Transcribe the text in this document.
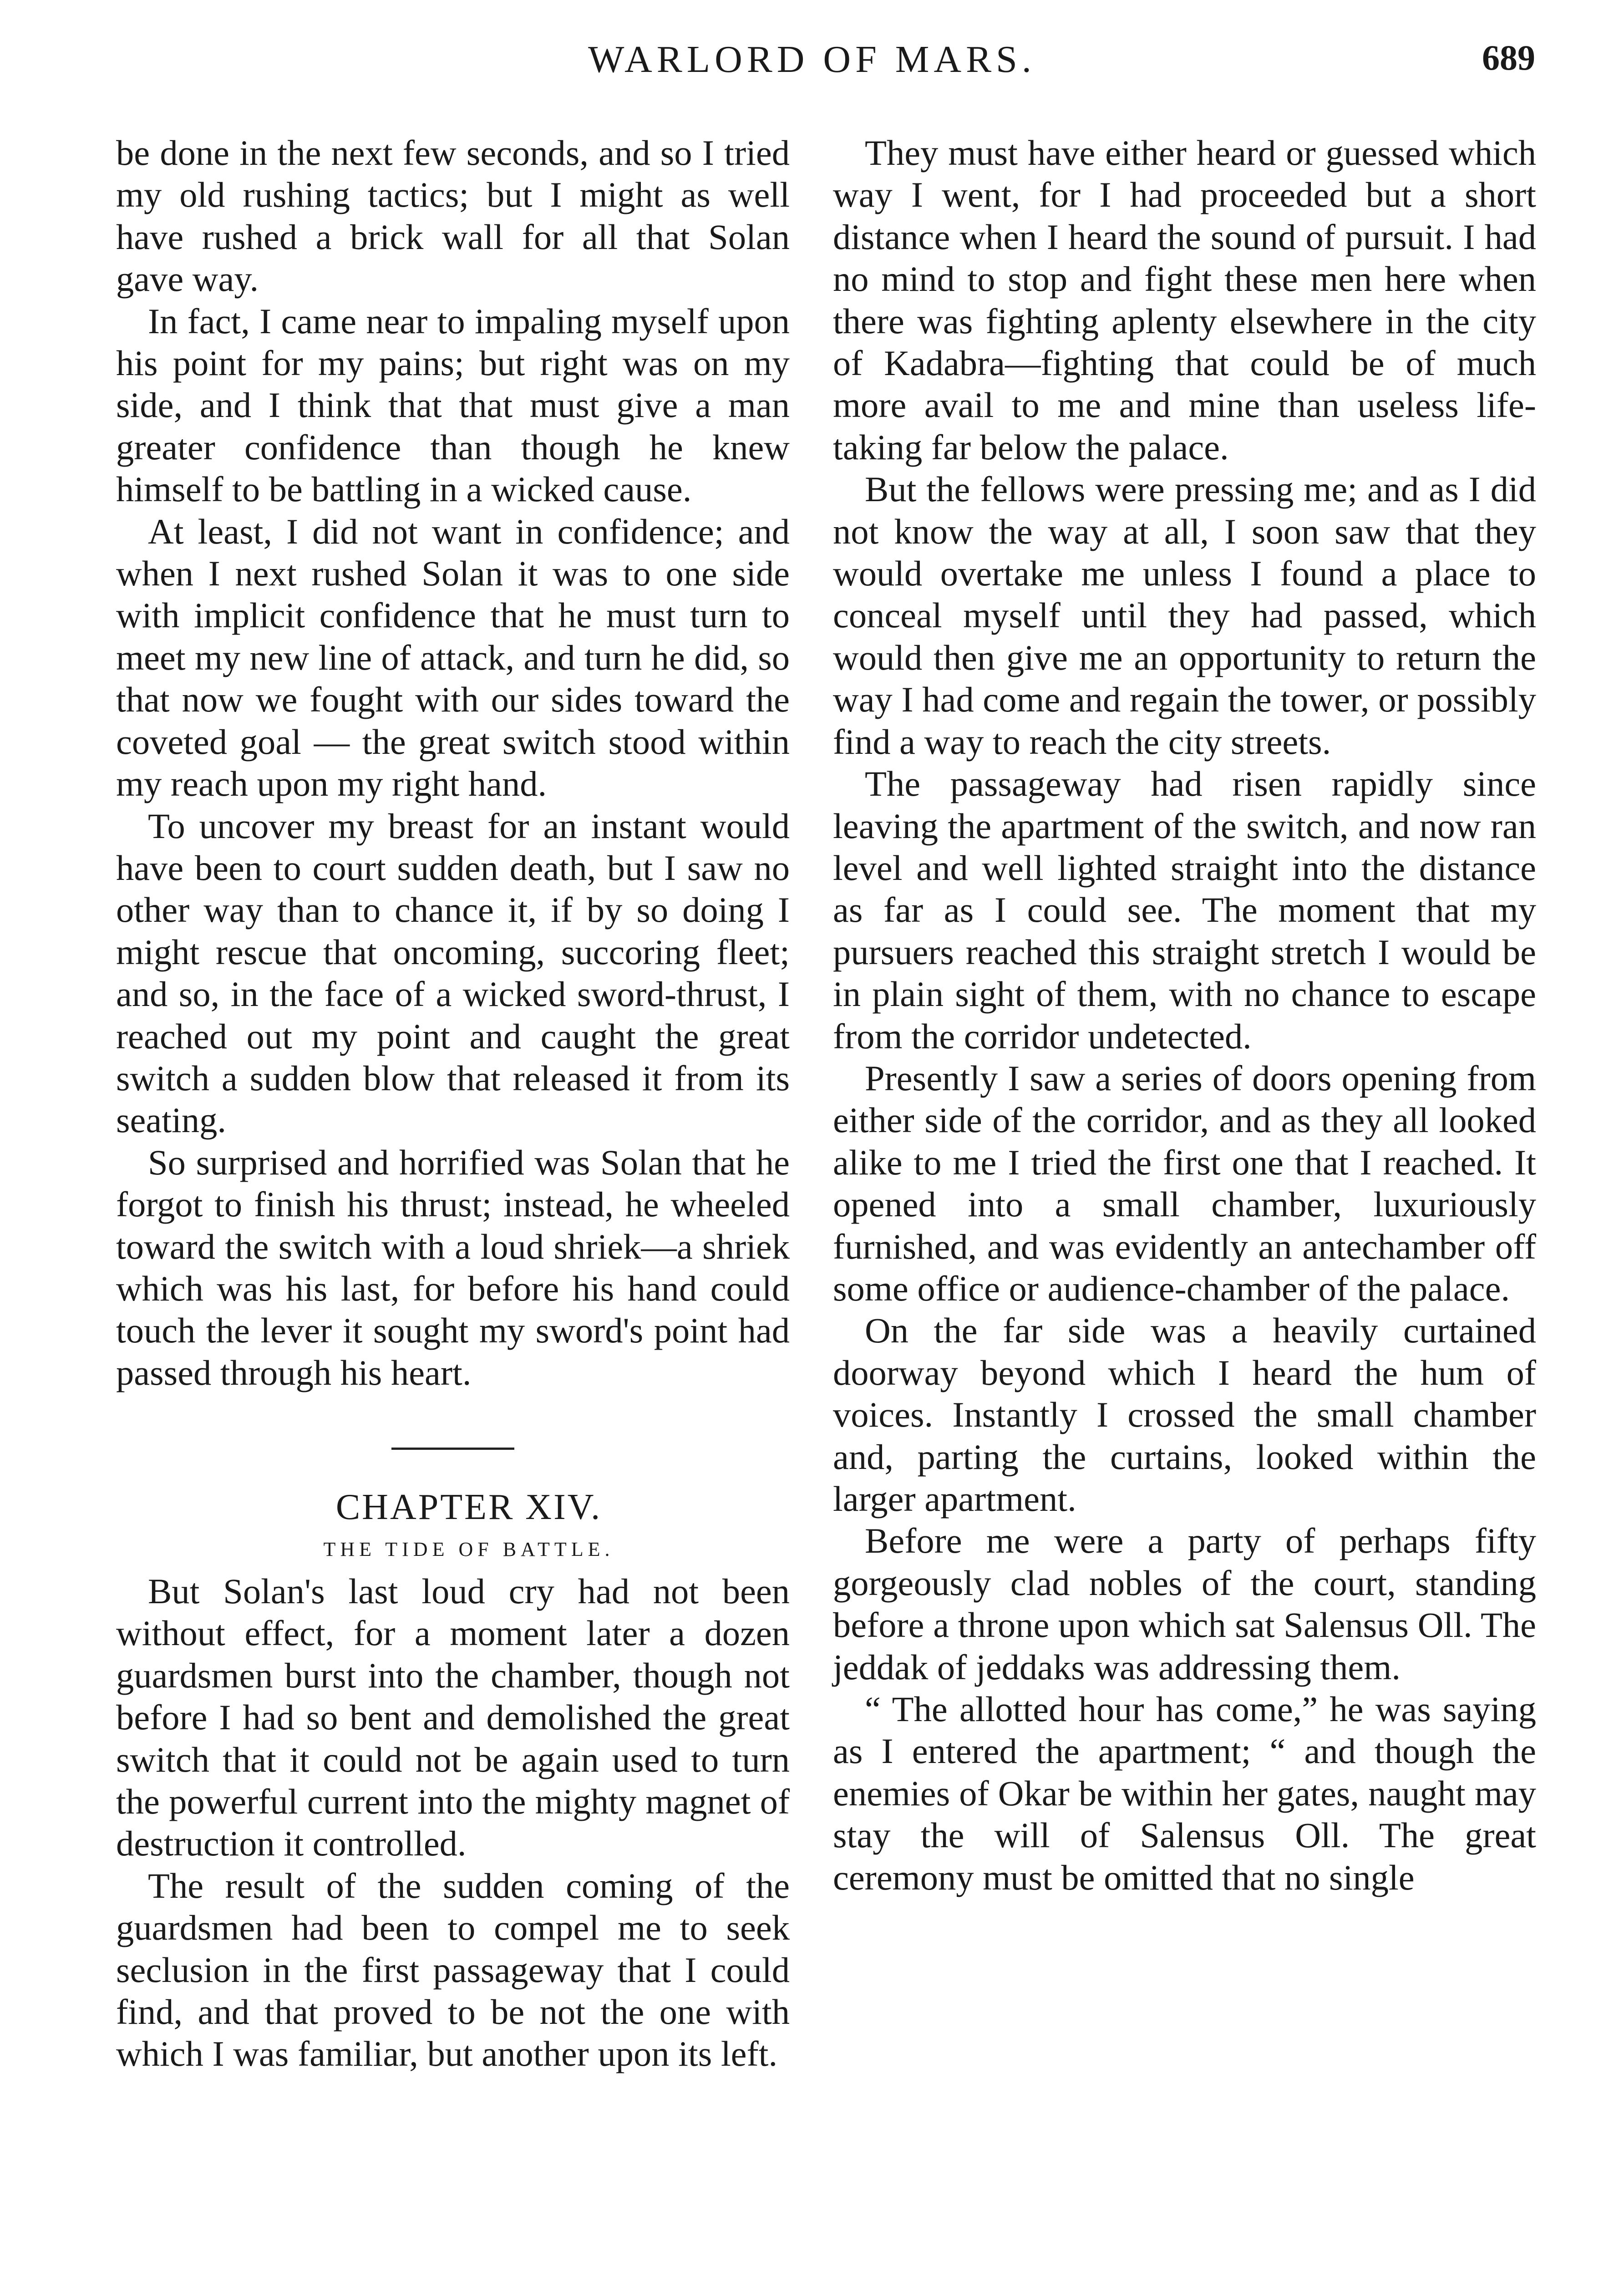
WARLORD OF MARS.	689

be done in the next few seconds, and so I tried my old rushing tactics; but I might as well have rushed a brick wall for all that Solan gave way.

In fact, I came near to impaling myself upon his point for my pains; but right was on my side, and I think that that must give a man greater confidence than though he knew himself to be battling in a wicked cause.

At least, I did not want in confidence; and when I next rushed Solan it was to one side with implicit confidence that he must turn to meet my new line of attack, and turn he did, so that now we fought with our sides toward the coveted goal — the great switch stood within my reach upon my right hand.

To uncover my breast for an instant would have been to court sudden death, but I saw no other way than to chance it, if by so doing I might rescue that oncoming, succoring fleet; and so, in the face of a wicked sword-thrust, I reached out my point and caught the great switch a sudden blow that released it from its seating.

So surprised and horrified was Solan that he forgot to finish his thrust; instead, he wheeled toward the switch with a loud shriek—a shriek which was his last, for before his hand could touch the lever it sought my sword's point had passed through his heart.

CHAPTER XIV.

THE TIDE OF BATTLE.

But Solan's last loud cry had not been without effect, for a moment later a dozen guardsmen burst into the chamber, though not before I had so bent and demolished the great switch that it could not be again used to turn the powerful current into the mighty magnet of destruction it controlled.

The result of the sudden coming of the guardsmen had been to compel me to seek seclusion in the first passageway that I could find, and that proved to be not the one with which I was familiar, but another upon its left.

They must have either heard or guessed which way I went, for I had proceeded but a short distance when I heard the sound of pursuit. I had no mind to stop and fight these men here when there was fighting aplenty elsewhere in the city of Kadabra—fighting that could be of much more avail to me and mine than useless life-taking far below the palace.

But the fellows were pressing me; and as I did not know the way at all, I soon saw that they would overtake me unless I found a place to conceal myself until they had passed, which would then give me an opportunity to return the way I had come and regain the tower, or possibly find a way to reach the city streets.

The passageway had risen rapidly since leaving the apartment of the switch, and now ran level and well lighted straight into the distance as far as I could see. The moment that my pursuers reached this straight stretch I would be in plain sight of them, with no chance to escape from the corridor undetected.

Presently I saw a series of doors opening from either side of the corridor, and as they all looked alike to me I tried the first one that I reached. It opened into a small chamber, luxuriously furnished, and was evidently an antechamber off some office or audience-chamber of the palace.

On the far side was a heavily curtained doorway beyond which I heard the hum of voices. Instantly I crossed the small chamber and, parting the curtains, looked within the larger apartment.

Before me were a party of perhaps fifty gorgeously clad nobles of the court, standing before a throne upon which sat Salensus Oll. The jeddak of jeddaks was addressing them.

“ The allotted hour has come,” he was saying as I entered the apartment; “ and though the enemies of Okar be within her gates, naught may stay the will of Salensus Oll. The great ceremony must be omitted that no single
